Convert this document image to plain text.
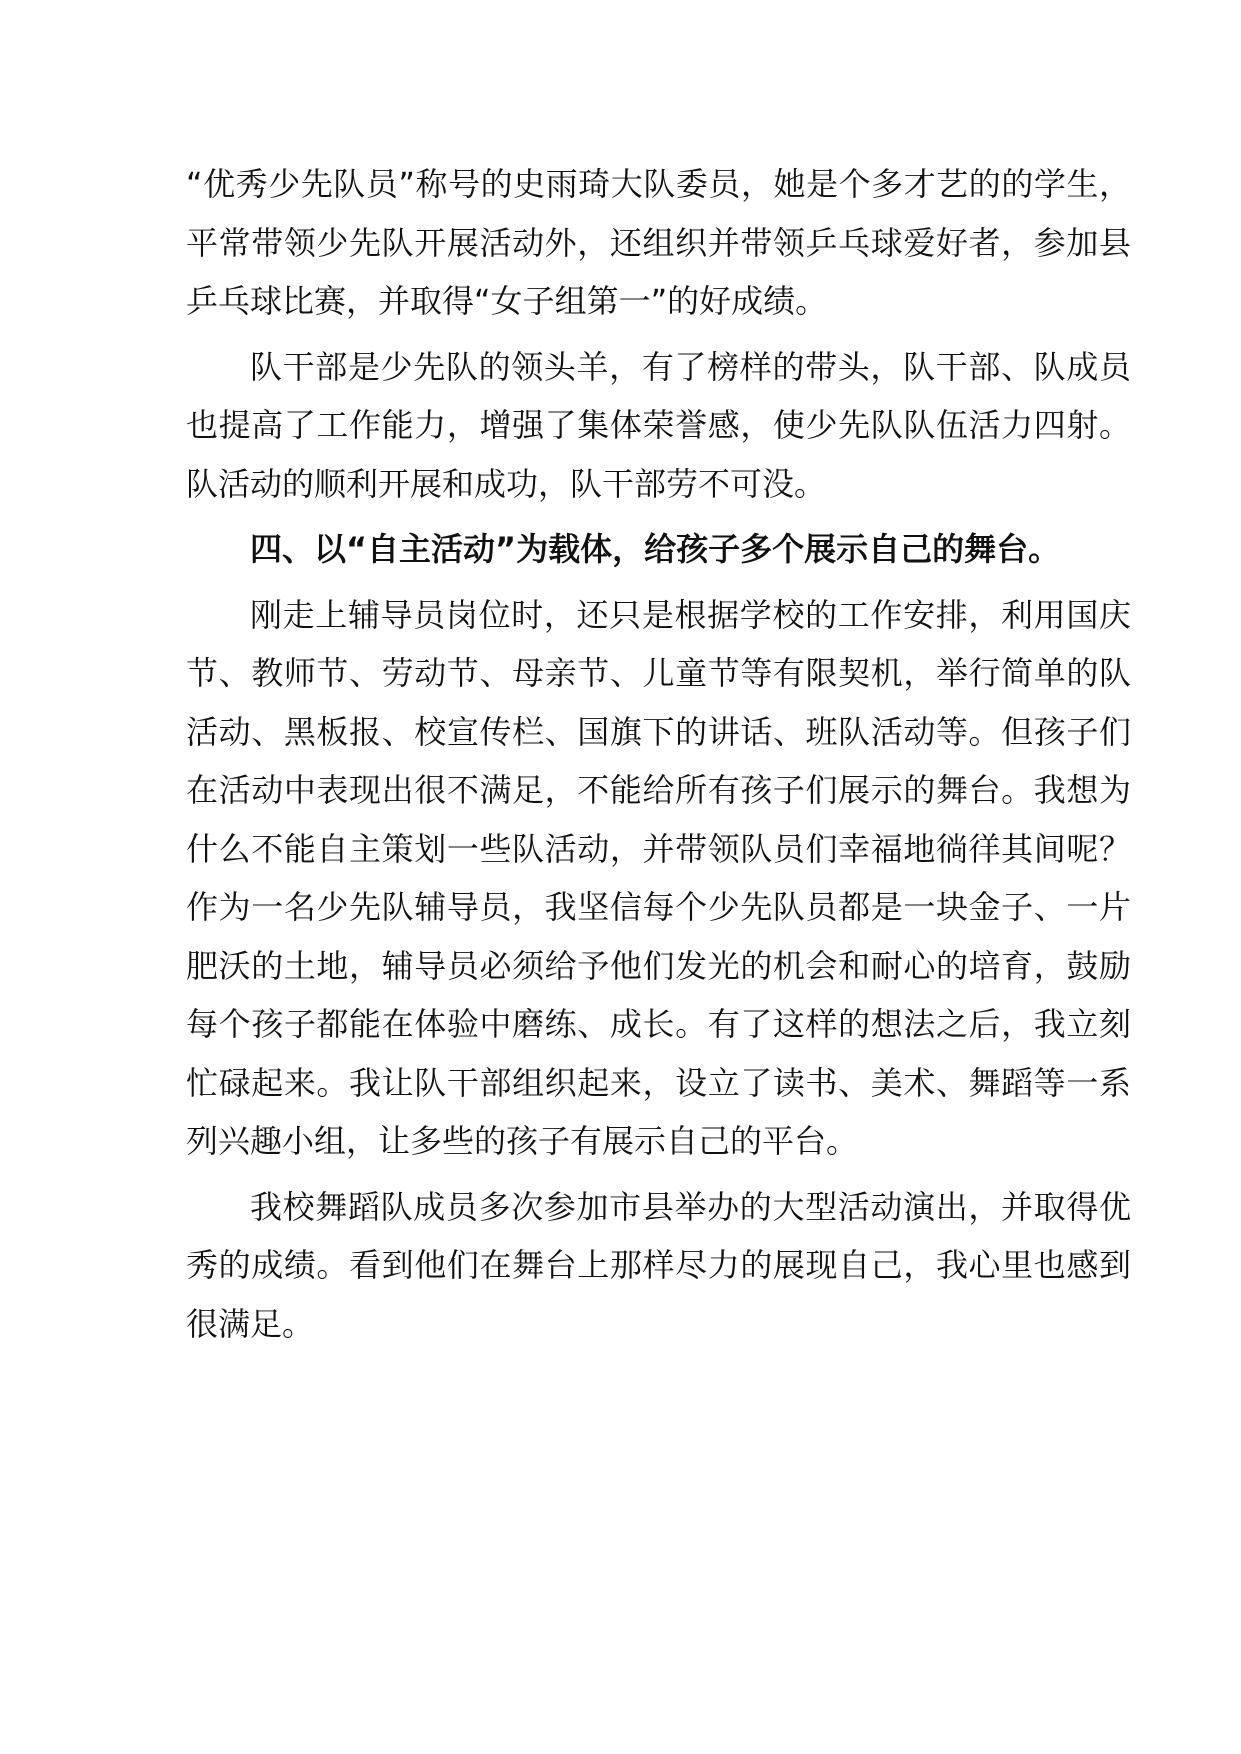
“优秀少先队员”称号的史雨琦大队委员，她是个多才艺的的学生，平常带领少先队开展活动外，还组织并带领乒乓球爱好者，参加县乒乓球比赛，并取得“女子组第一”的好成绩。

队干部是少先队的领头羊，有了榜样的带头，队干部、队成员也提高了工作能力，增强了集体荣誉感，使少先队队伍活力四射。队活动的顺利开展和成功，队干部劳不可没。

四、以“自主活动”为载体，给孩子多个展示自己的舞台。

刚走上辅导员岗位时，还只是根据学校的工作安排，利用国庆节、教师节、劳动节、母亲节、儿童节等有限契机，举行简单的队活动、黑板报、校宣传栏、国旗下的讲话、班队活动等。但孩子们在活动中表现出很不满足，不能给所有孩子们展示的舞台。我想为什么不能自主策划一些队活动，并带领队员们幸福地徜徉其间呢？作为一名少先队辅导员，我坚信每个少先队员都是一块金子、一片肥沃的土地，辅导员必须给予他们发光的机会和耐心的培育，鼓励每个孩子都能在体验中磨练、成长。有了这样的想法之后，我立刻忙碌起来。我让队干部组织起来，设立了读书、美术、舞蹈等一系列兴趣小组，让多些的孩子有展示自己的平台。

我校舞蹈队成员多次参加市县举办的大型活动演出，并取得优秀的成绩。看到他们在舞台上那样尽力的展现自己，我心里也感到很满足。
